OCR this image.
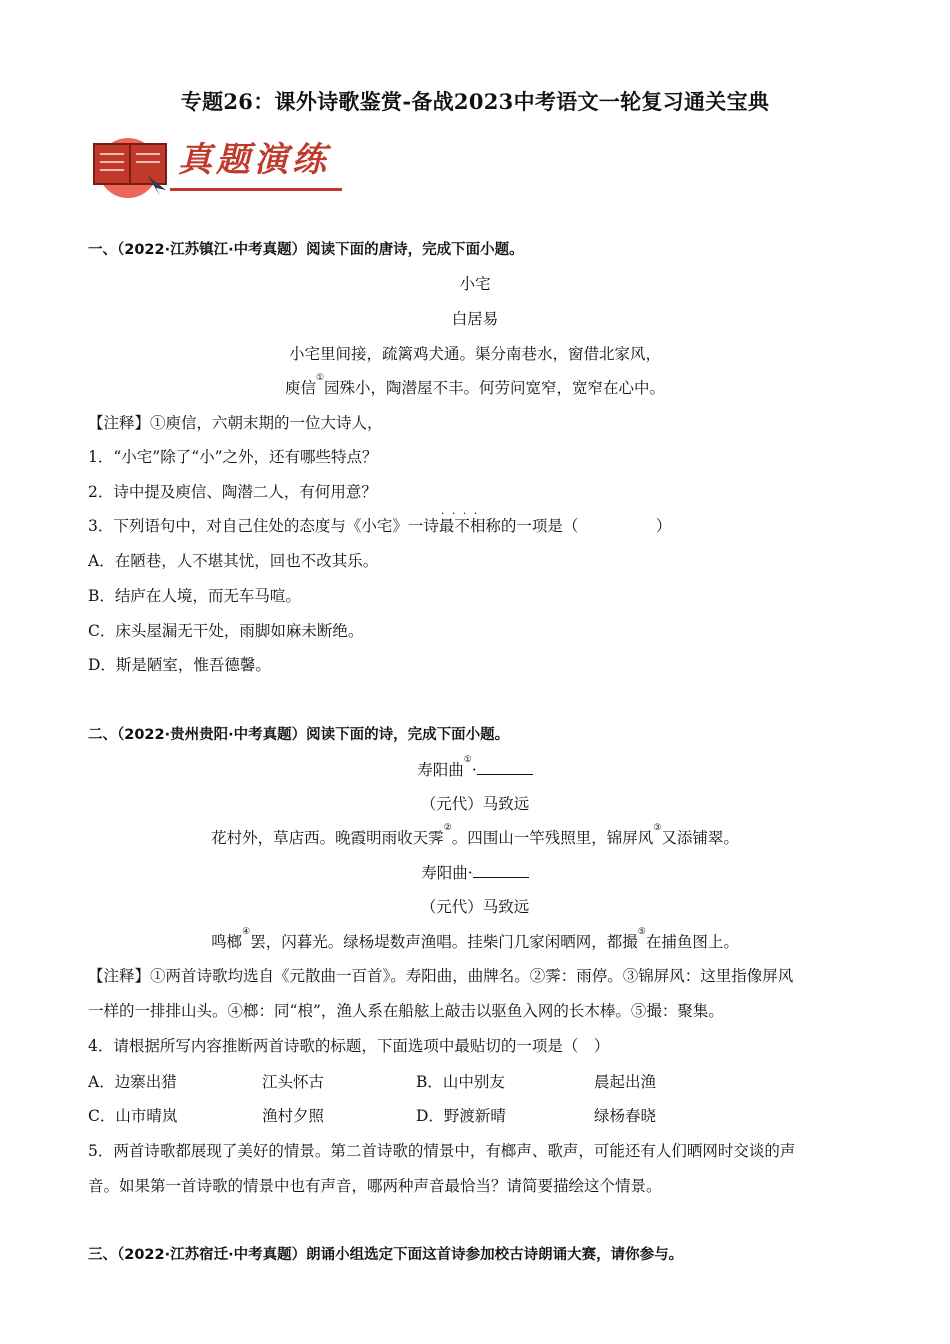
专题26：课外诗歌鉴赏-备战2023中考语文一轮复习通关宝典
真题演练
一、（2022·江苏镇江·中考真题）阅读下面的唐诗，完成下面小题。
小宅
白居易
小宅里间接，疏篱鸡犬通。渠分南巷水，窗借北家风，
庾信①园殊小，陶潜屋不丰。何劳问宽窄，宽窄在心中。
【注释】①庾信，六朝末期的一位大诗人，
1．“小宅”除了“小”之外，还有哪些特点？
2．诗中提及庾信、陶潜二人，有何用意？
3．下列语句中，对自己住处的态度与《小宅》一诗最不相称 · · · ·的一项是（　　　　　）
A．在陋巷，人不堪其忧，回也不改其乐。
B．结庐在人境，而无车马喧。
C．床头屋漏无干处，雨脚如麻未断绝。
D．斯是陋室，惟吾德馨。
二、（2022·贵州贵阳·中考真题）阅读下面的诗，完成下面小题。
寿阳曲①·
（元代）马致远
花村外，草店西。晚霞明雨收天霁②。四围山一竿残照里，锦屏风③又添铺翠。
寿阳曲·
（元代）马致远
鸣榔④罢，闪暮光。绿杨堤数声渔唱。挂柴门几家闲晒网，都撮⑤在捕鱼图上。
【注释】①两首诗歌均选自《元散曲一百首》。寿阳曲，曲牌名。②霁：雨停。③锦屏风：这里指像屏风
一样的一排排山头。④榔：同“桹”，渔人系在船舷上敲击以驱鱼入网的长木棒。⑤撮：聚集。
4．请根据所写内容推断两首诗歌的标题，下面选项中最贴切的一项是（　）
A．边寨出猎	江头怀古	B．山中别友	晨起出渔
C．山市晴岚	渔村夕照	D．野渡新晴	绿杨春晓
5．两首诗歌都展现了美好的情景。第二首诗歌的情景中，有榔声、歌声，可能还有人们晒网时交谈的声
音。如果第一首诗歌的情景中也有声音，哪两种声音最恰当？请简要描绘这个情景。
三、（2022·江苏宿迁·中考真题）朗诵小组选定下面这首诗参加校古诗朗诵大赛，请你参与。
